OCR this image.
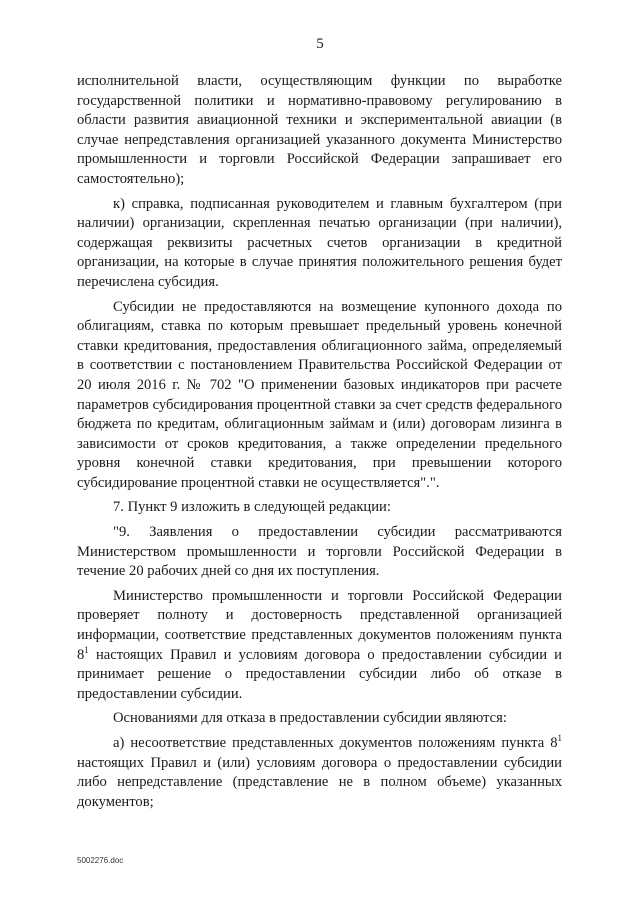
5

исполнительной власти, осуществляющим функции по выработке государственной политики и нормативно-правовому регулированию в области развития авиационной техники и экспериментальной авиации (в случае непредставления организацией указанного документа Министерство промышленности и торговли Российской Федерации запрашивает его самостоятельно);

к) справка, подписанная руководителем и главным бухгалтером (при наличии) организации, скрепленная печатью организации (при наличии), содержащая реквизиты расчетных счетов организации в кредитной организации, на которые в случае принятия положительного решения будет перечислена субсидия.

Субсидии не предоставляются на возмещение купонного дохода по облигациям, ставка по которым превышает предельный уровень конечной ставки кредитования, предоставления облигационного займа, определяемый в соответствии с постановлением Правительства Российской Федерации от 20 июля 2016 г. № 702 "О применении базовых индикаторов при расчете параметров субсидирования процентной ставки за счет средств федерального бюджета по кредитам, облигационным займам и (или) договорам лизинга в зависимости от сроков кредитования, а также определении предельного уровня конечной ставки кредитования, при превышении которого субсидирование процентной ставки не осуществляется".".

7. Пункт 9 изложить в следующей редакции:

"9. Заявления о предоставлении субсидии рассматриваются Министерством промышленности и торговли Российской Федерации в течение 20 рабочих дней со дня их поступления.

Министерство промышленности и торговли Российской Федерации проверяет полноту и достоверность представленной организацией информации, соответствие представленных документов положениям пункта $8^1$ настоящих Правил и условиям договора о предоставлении субсидии и принимает решение о предоставлении субсидии либо об отказе в предоставлении субсидии.

Основаниями для отказа в предоставлении субсидии являются:

а) несоответствие представленных документов положениям пункта $8^1$ настоящих Правил и (или) условиям договора о предоставлении субсидии либо непредставление (представление не в полном объеме) указанных документов;

5002276.doc
